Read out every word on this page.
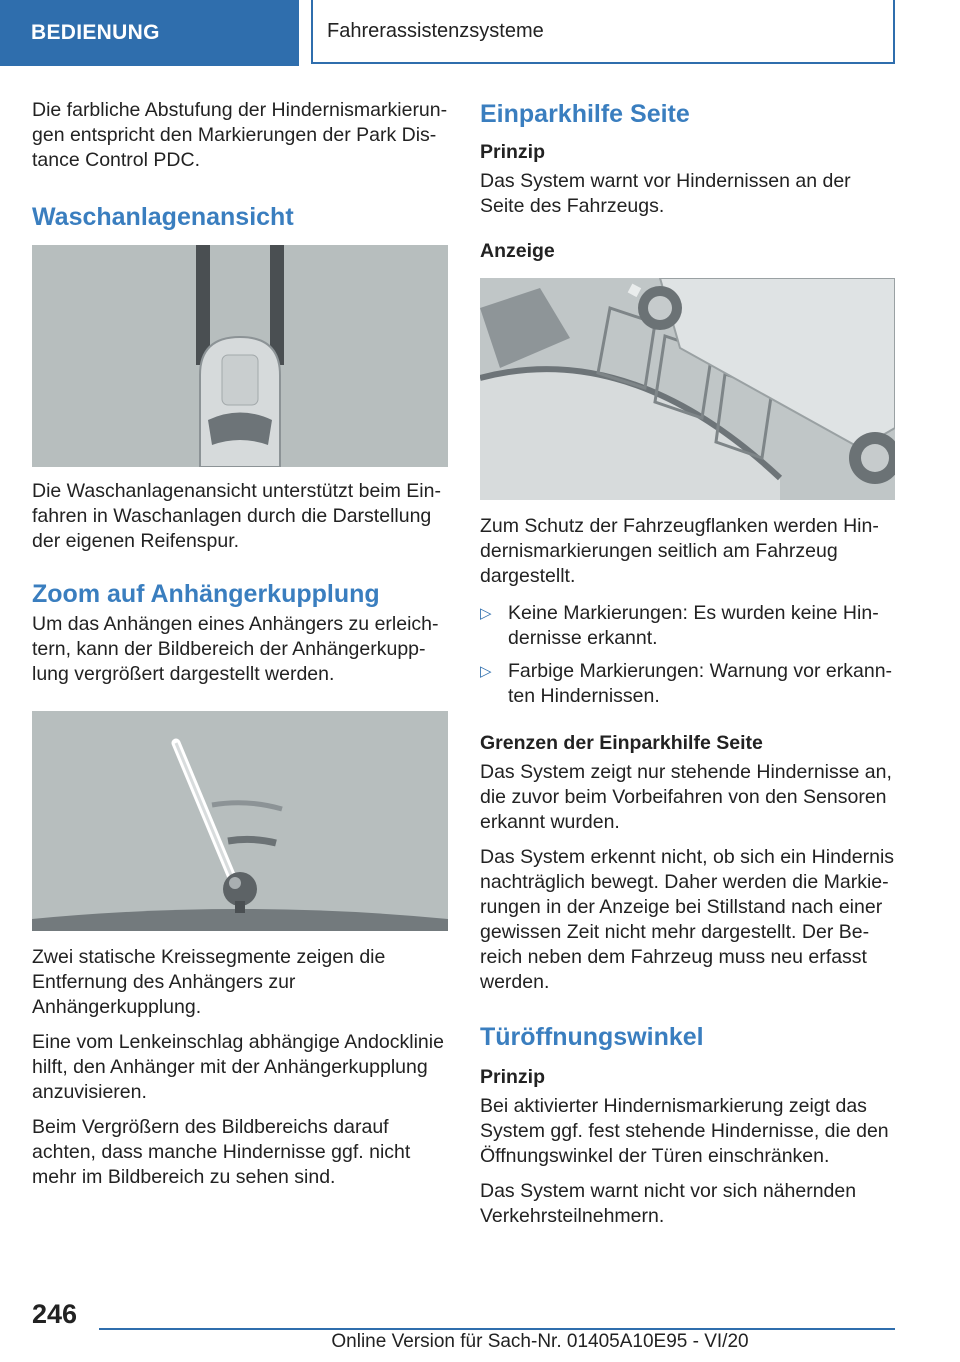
BEDIENUNG	Fahrerassistenzsysteme

Die farbliche Abstufung der Hindernismarkierungen entspricht den Markierungen der Park Distance Control PDC.

Waschanlagenansicht

Die Waschanlagenansicht unterstützt beim Einfahren in Waschanlagen durch die Darstellung der eigenen Reifenspur.

Zoom auf Anhängerkupplung

Um das Anhängen eines Anhängers zu erleichtern, kann der Bildbereich der Anhängerkupplung vergrößert dargestellt werden.

Zwei statische Kreissegmente zeigen die Entfernung des Anhängers zur Anhängerkupplung.

Eine vom Lenkeinschlag abhängige Andocklinie hilft, den Anhänger mit der Anhängerkupplung anzuvisieren.

Beim Vergrößern des Bildbereichs darauf achten, dass manche Hindernisse ggf. nicht mehr im Bildbereich zu sehen sind.

Einparkhilfe Seite
Prinzip

Das System warnt vor Hindernissen an der Seite des Fahrzeugs.

Anzeige

Zum Schutz der Fahrzeugflanken werden Hindernismarkierungen seitlich am Fahrzeug dargestellt.

▷ Keine Markierungen: Es wurden keine Hindernisse erkannt.
▷ Farbige Markierungen: Warnung vor erkannten Hindernissen.
Grenzen der Einparkhilfe Seite

Das System zeigt nur stehende Hindernisse an, die zuvor beim Vorbeifahren von den Sensoren erkannt wurden.

Das System erkennt nicht, ob sich ein Hindernis nachträglich bewegt. Daher werden die Markierungen in der Anzeige bei Stillstand nach einer gewissen Zeit nicht mehr dargestellt. Der Bereich neben dem Fahrzeug muss neu erfasst werden.

Türöffnungswinkel
Prinzip

Bei aktivierter Hindernismarkierung zeigt das System ggf. fest stehende Hindernisse, die den Öffnungswinkel der Türen einschränken.

Das System warnt nicht vor sich nähernden Verkehrsteilnehmern.

246
Online Version für Sach-Nr. 01405A10E95 - VI/20
